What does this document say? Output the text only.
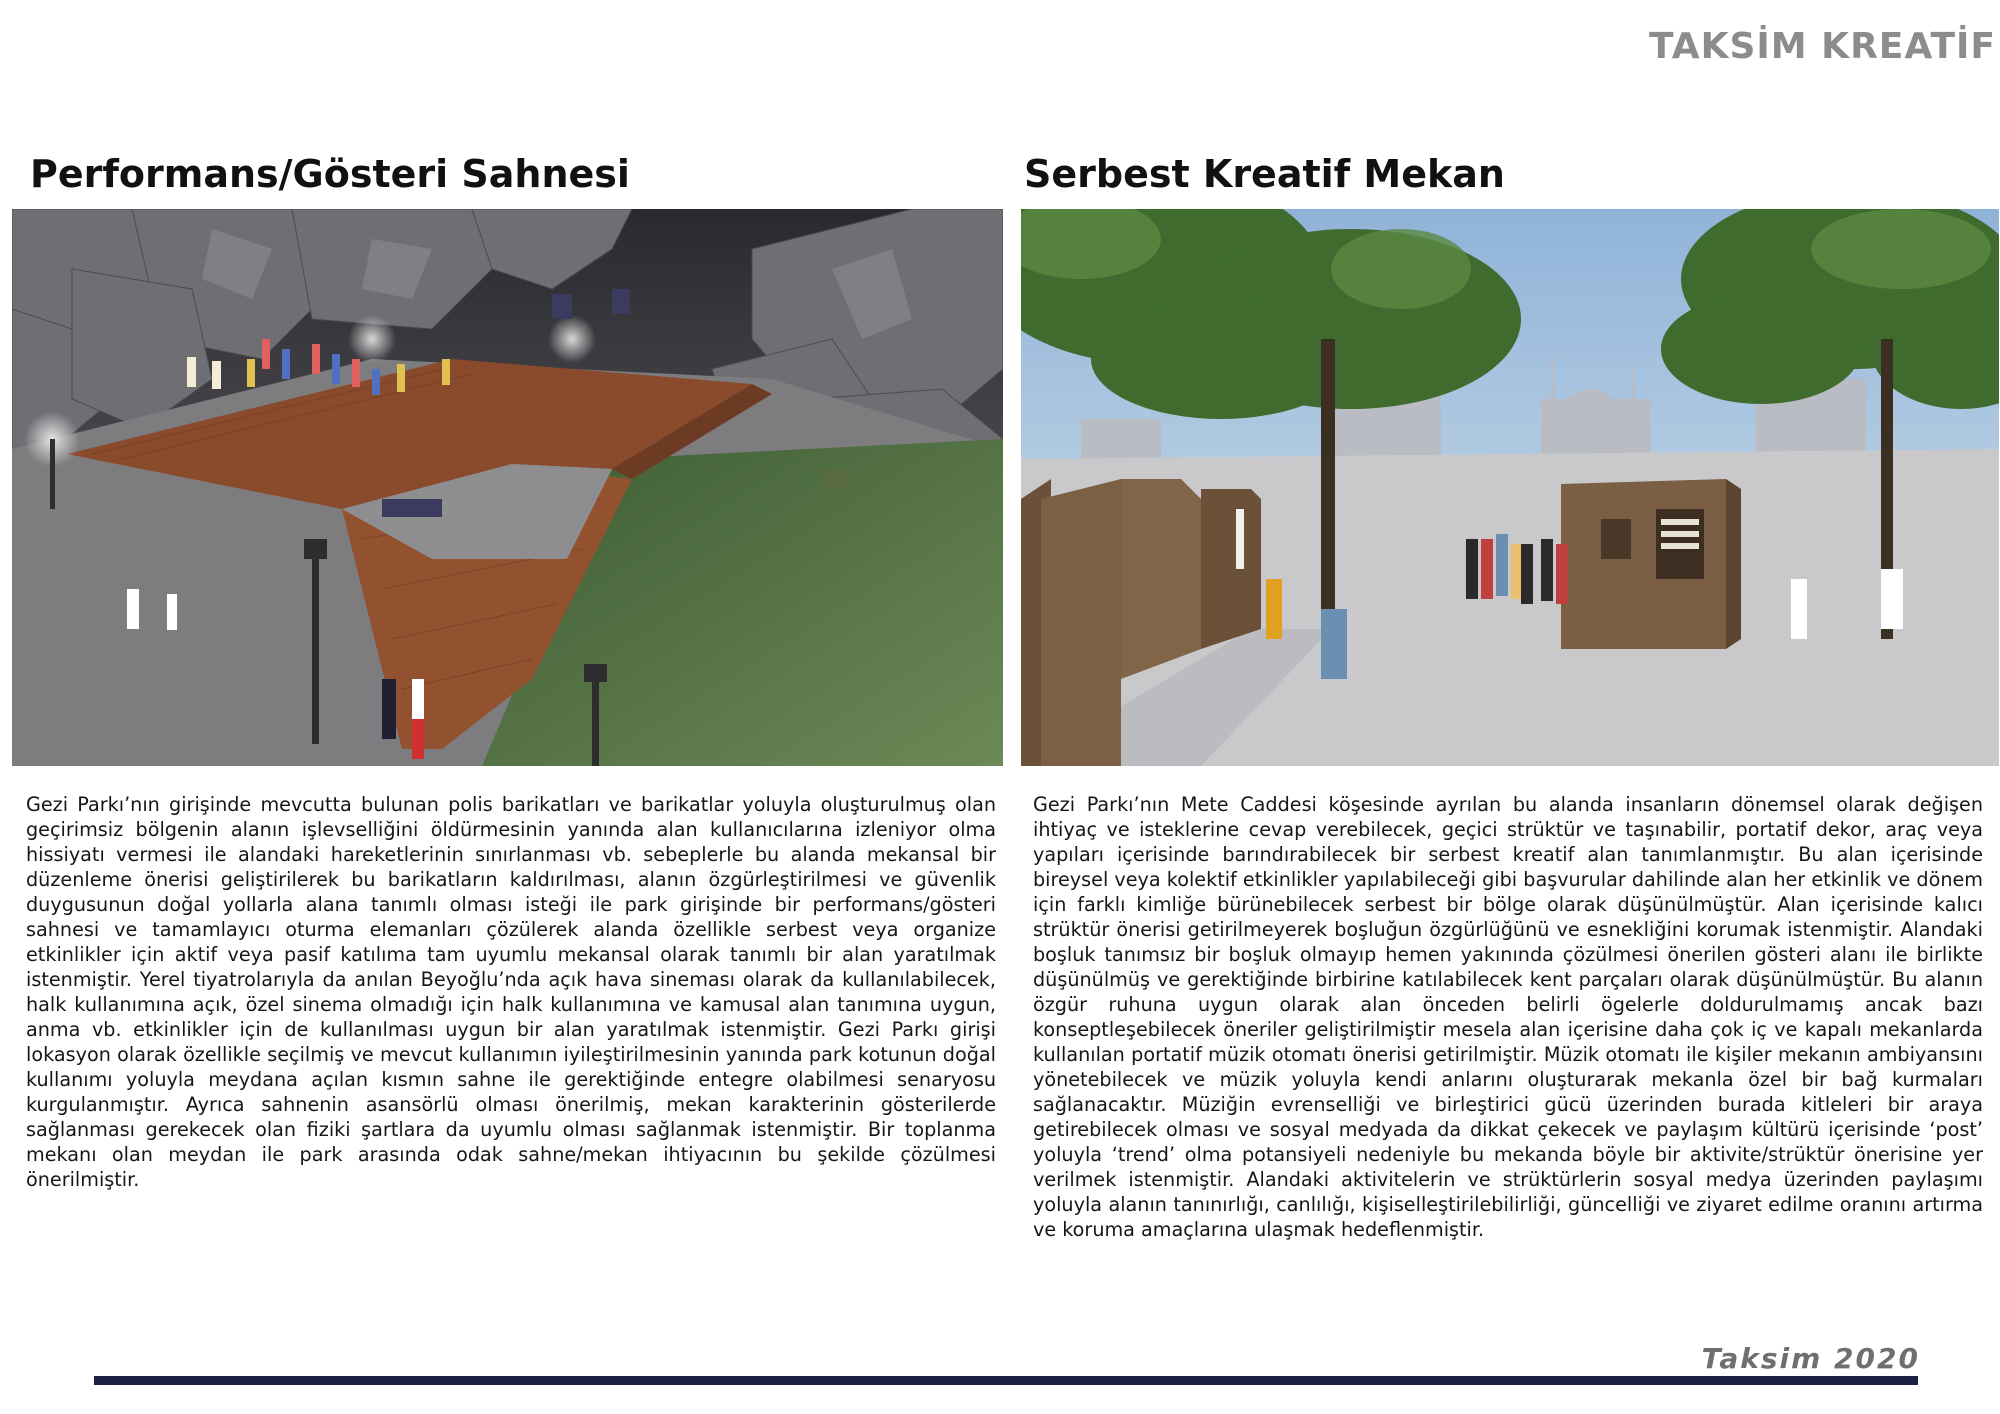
TAKSİM KREATİF
Performans/Gösteri Sahnesi	Serbest Kreatif Mekan

Gezi Parkı’nın girişinde mevcutta bulunan polis barikatları ve barikatlar yoluyla oluşturulmuş olan geçirimsiz bölgenin alanın işlevselliğini öldürmesinin yanında alan kullanıcılarına izleniyor olma hissiyatı vermesi ile alandaki hareketlerinin sınırlanması vb. sebeplerle bu alanda mekansal bir düzenleme önerisi geliştirilerek bu barikatların kaldırılması, alanın özgürleştirilmesi ve güvenlik duygusunun doğal yollarla alana tanımlı olması isteği ile park girişinde bir performans/gösteri sahnesi ve tamamlayıcı oturma elemanları çözülerek alanda özellikle serbest veya organize etkinlikler için aktif veya pasif katılıma tam uyumlu mekansal olarak tanımlı bir alan yaratılmak istenmiştir. Yerel tiyatrolarıyla da anılan Beyoğlu’nda açık hava sineması olarak da kullanılabilecek, halk kullanımına açık, özel sinema olmadığı için halk kullanımına ve kamusal alan tanımına uygun, anma vb. etkinlikler için de kullanılması uygun bir alan yaratılmak istenmiştir. Gezi Parkı girişi lokasyon olarak özellikle seçilmiş ve mevcut kullanımın iyileştirilmesinin yanında park kotunun doğal kullanımı yoluyla meydana açılan kısmın sahne ile gerektiğinde entegre olabilmesi senaryosu kurgulanmıştır. Ayrıca sahnenin asansörlü olması önerilmiş, mekan karakterinin gösterilerde sağlanması gerekecek olan fiziki şartlara da uyumlu olması sağlanmak istenmiştir. Bir toplanma mekanı olan meydan ile park arasında odak sahne/mekan ihtiyacının bu şekilde çözülmesi önerilmiştir.

Gezi Parkı’nın Mete Caddesi köşesinde ayrılan bu alanda insanların dönemsel olarak değişen ihtiyaç ve isteklerine cevap verebilecek, geçici strüktür ve taşınabilir, portatif dekor, araç veya yapıları içerisinde barındırabilecek bir serbest kreatif alan tanımlanmıştır. Bu alan içerisinde bireysel veya kolektif etkinlikler yapılabileceği gibi başvurular dahilinde alan her etkinlik ve dönem için farklı kimliğe bürünebilecek serbest bir bölge olarak düşünülmüştür. Alan içerisinde kalıcı strüktür önerisi getirilmeyerek boşluğun özgürlüğünü ve esnekliğini korumak istenmiştir. Alandaki boşluk tanımsız bir boşluk olmayıp hemen yakınında çözülmesi önerilen gösteri alanı ile birlikte düşünülmüş ve gerektiğinde birbirine katılabilecek kent parçaları olarak düşünülmüştür. Bu alanın özgür ruhuna uygun olarak alan önceden belirli ögelerle doldurulmamış ancak bazı konseptleşebilecek öneriler geliştirilmiştir mesela alan içerisine daha çok iç ve kapalı mekanlarda kullanılan portatif müzik otomatı önerisi getirilmiştir. Müzik otomatı ile kişiler mekanın ambiyansını yönetebilecek ve müzik yoluyla kendi anlarını oluşturarak mekanla özel bir bağ kurmaları sağlanacaktır. Müziğin evrenselliği ve birleştirici gücü üzerinden burada kitleleri bir araya getirebilecek olması ve sosyal medyada da dikkat çekecek ve paylaşım kültürü içerisinde ‘post’ yoluyla ‘trend’ olma potansiyeli nedeniyle bu mekanda böyle bir aktivite/strüktür önerisine yer verilmek istenmiştir. Alandaki aktivitelerin ve strüktürlerin sosyal medya üzerinden paylaşımı yoluyla alanın tanınırlığı, canlılığı, kişiselleştirilebilirliği, güncelliği ve ziyaret edilme oranını artırma ve koruma amaçlarına ulaşmak hedeflenmiştir.

Taksim 2020
